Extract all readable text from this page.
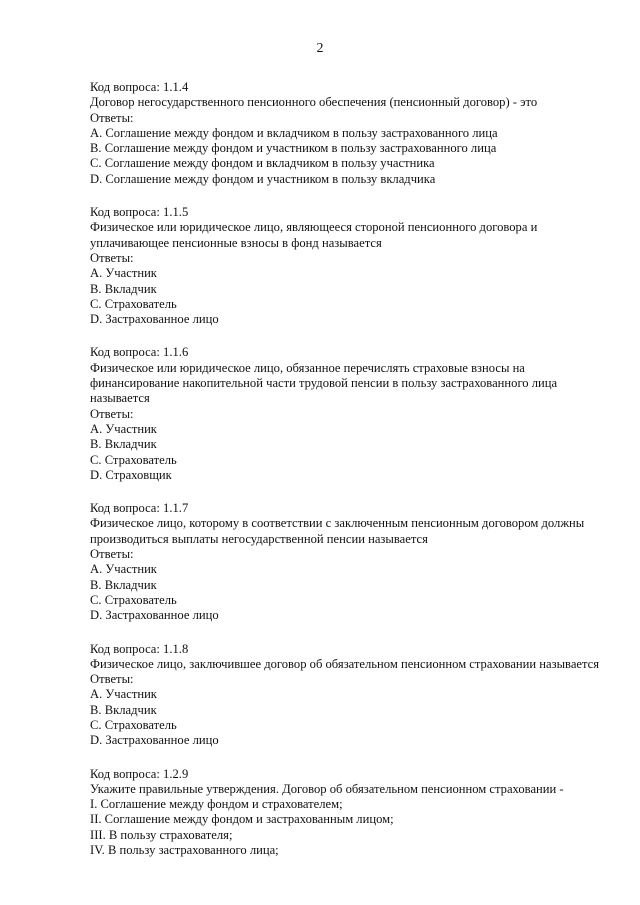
2

Код вопроса: 1.1.4

Договор негосударственного пенсионного обеспечения (пенсионный договор) - это

Ответы:

A. Соглашение между фондом и вкладчиком в пользу застрахованного лица

B. Соглашение между фондом и участником в пользу застрахованного лица

C. Соглашение между фондом и вкладчиком в пользу участника

D. Соглашение между фондом и участником в пользу вкладчика

Код вопроса: 1.1.5

Физическое или юридическое лицо, являющееся стороной пенсионного договора и уплачивающее пенсионные взносы в фонд называется

Ответы:

A. Участник

B. Вкладчик

C. Страхователь

D. Застрахованное лицо

Код вопроса: 1.1.6

Физическое или юридическое лицо, обязанное перечислять страховые взносы на финансирование накопительной части трудовой пенсии в пользу застрахованного лица называется

Ответы:

A. Участник

B. Вкладчик

C. Страхователь

D. Страховщик

Код вопроса: 1.1.7

Физическое лицо, которому в соответствии с заключенным пенсионным договором должны производиться выплаты негосударственной пенсии называется

Ответы:

A. Участник

B. Вкладчик

C. Страхователь

D. Застрахованное лицо

Код вопроса: 1.1.8

Физическое лицо, заключившее договор об обязательном пенсионном страховании называется

Ответы:

A. Участник

B. Вкладчик

C. Страхователь

D. Застрахованное лицо

Код вопроса: 1.2.9

Укажите правильные утверждения. Договор об обязательном пенсионном страховании -

I. Соглашение между фондом и страхователем;

II. Соглашение между фондом и застрахованным лицом;

III. В пользу страхователя;

IV. В пользу застрахованного лица;
